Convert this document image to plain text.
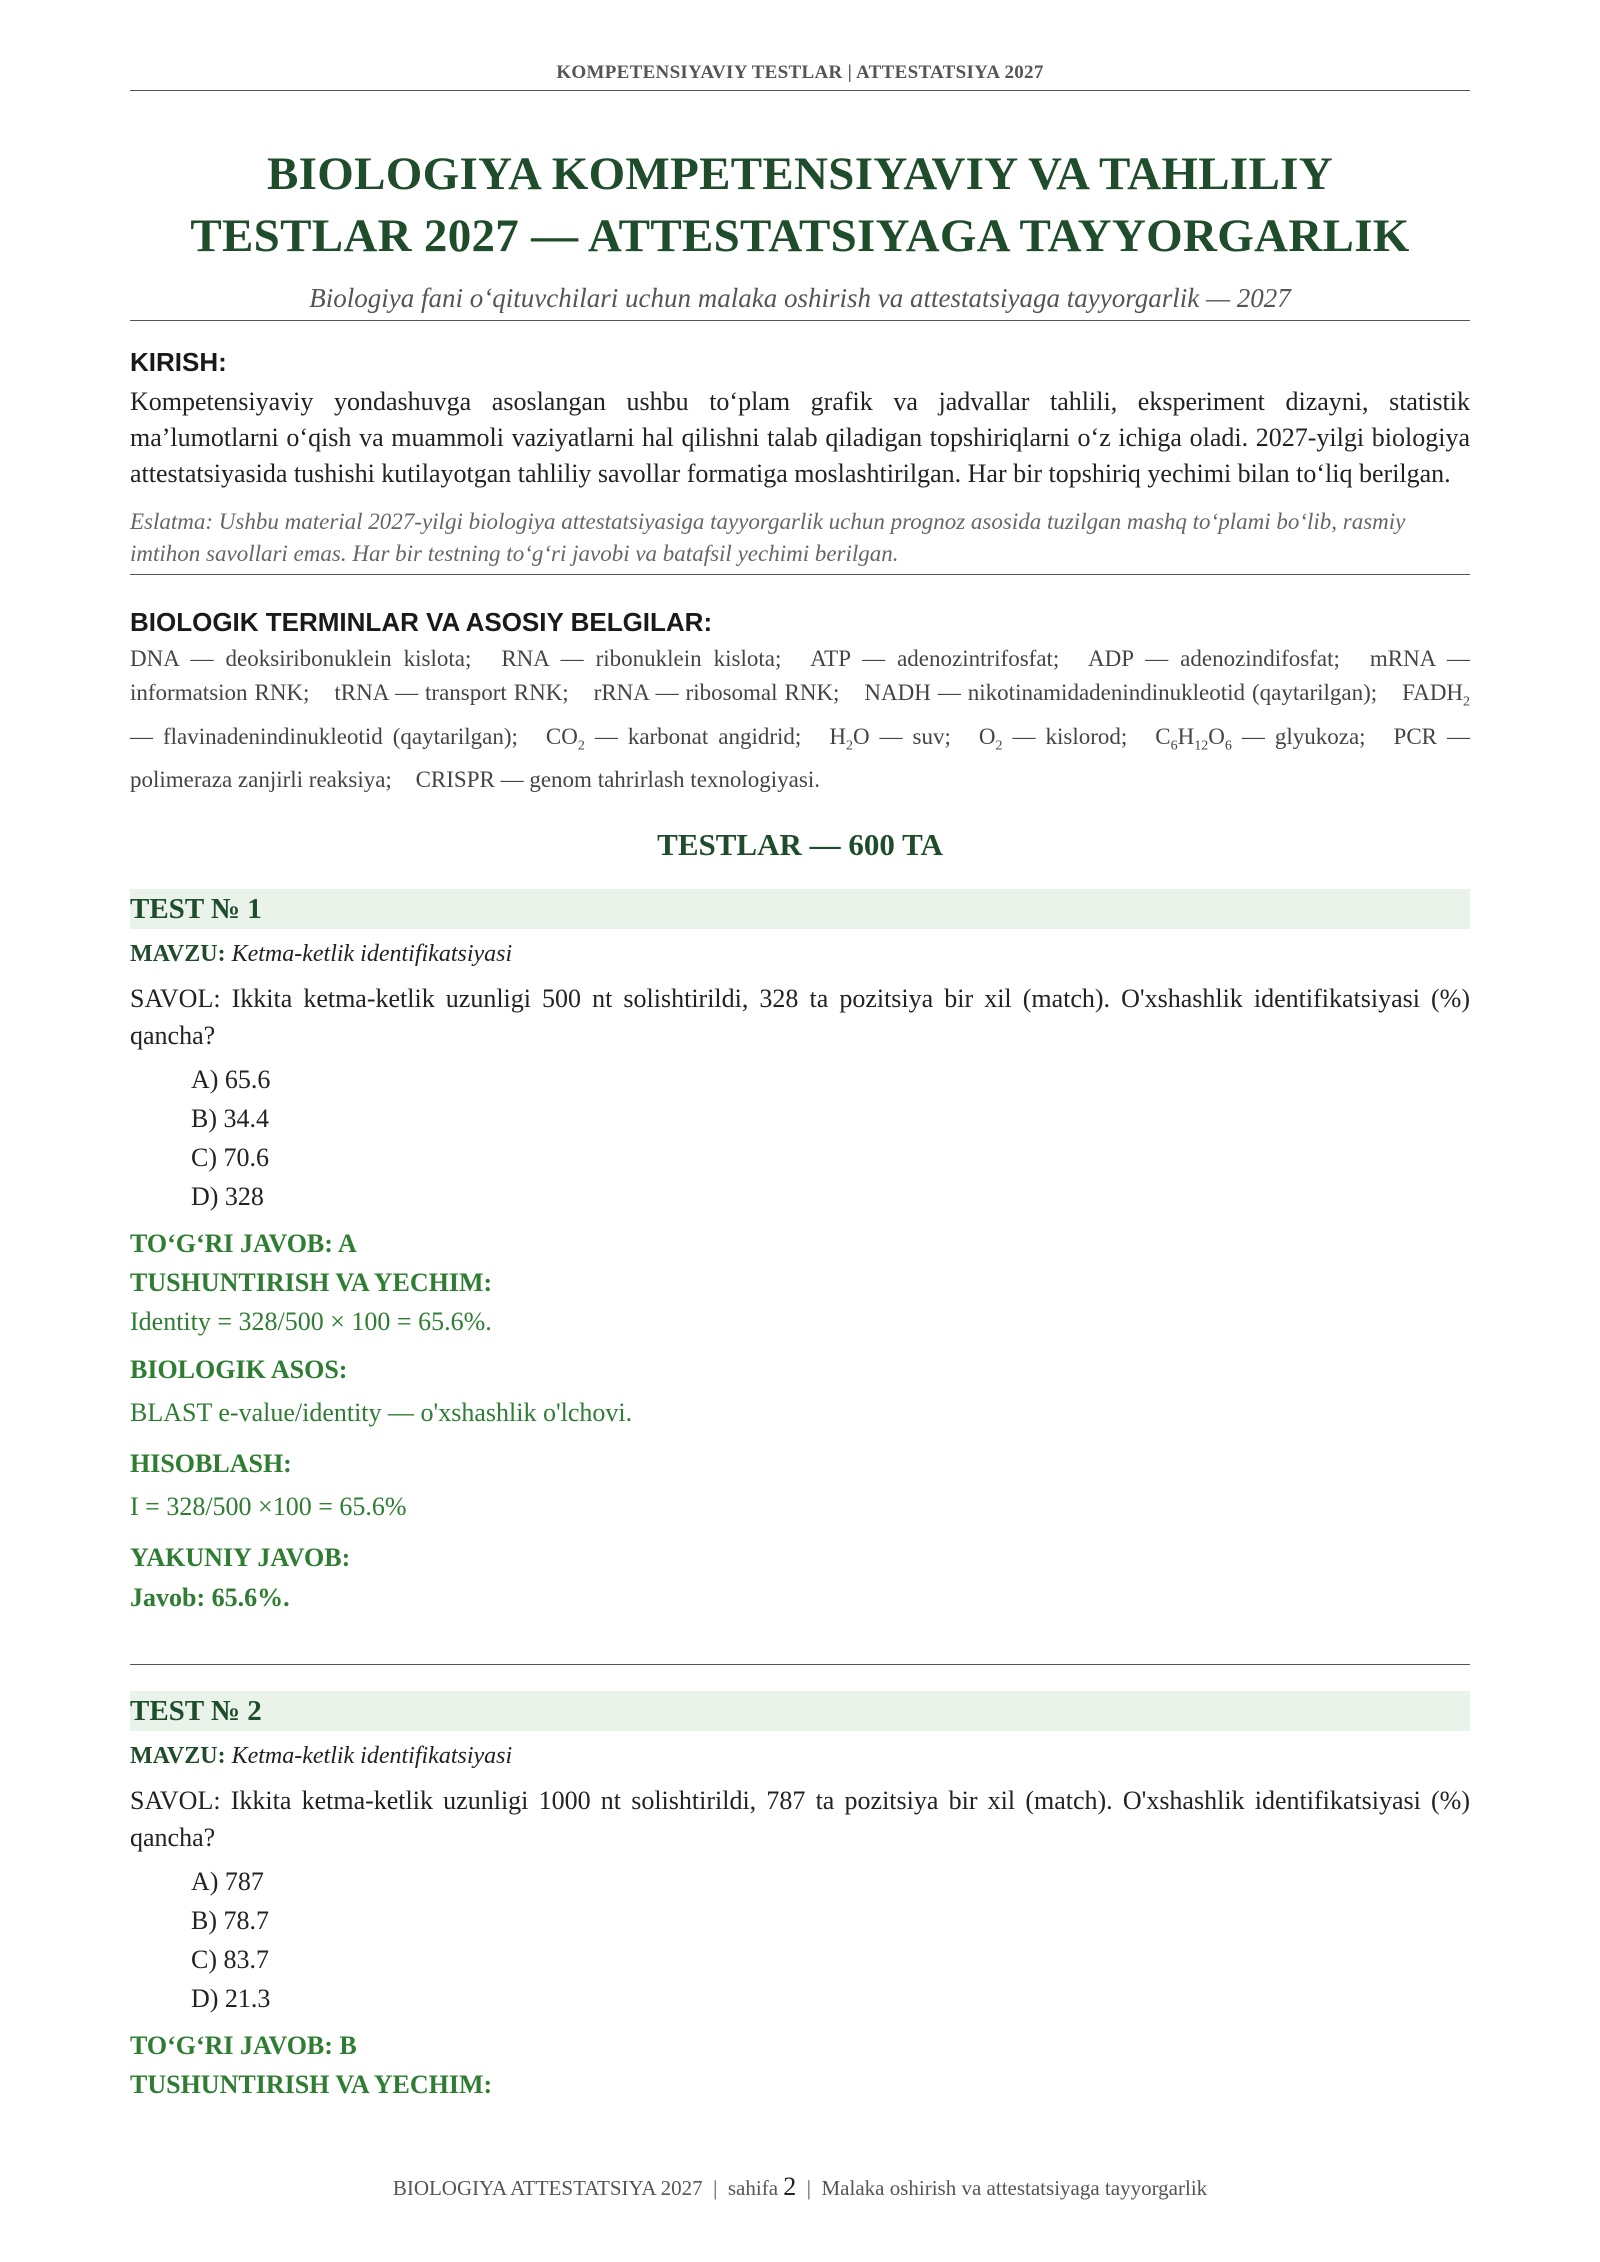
KOMPETENSIYAVIY TESTLAR | ATTESTATSIYA 2027
BIOLOGIYA KOMPETENSIYAVIY VA TAHLILIY
TESTLAR 2027 — ATTESTATSIYAGA TAYYORGARLIK
Biologiya fani o‘qituvchilari uchun malaka oshirish va attestatsiyaga tayyorgarlik — 2027
KIRISH:
Kompetensiyaviy yondashuvga asoslangan ushbu to‘plam grafik va jadvallar tahlili, eksperiment dizayni, statistik ma’lumotlarni o‘qish va muammoli vaziyatlarni hal qilishni talab qiladigan topshiriqlarni o‘z ichiga oladi. 2027-yilgi biologiya attestatsiyasida tushishi kutilayotgan tahliliy savollar formatiga moslashtirilgan. Har bir topshiriq yechimi bilan to‘liq berilgan.
Eslatma: Ushbu material 2027-yilgi biologiya attestatsiyasiga tayyorgarlik uchun prognoz asosida tuzilgan mashq to‘plami bo‘lib, rasmiy imtihon savollari emas. Har bir testning to‘g‘ri javobi va batafsil yechimi berilgan.
BIOLOGIK TERMINLAR VA ASOSIY BELGILAR:
DNA — deoksiribonuklein kislota; RNA — ribonuklein kislota; ATP — adenozintrifosfat; ADP — adenozindifosfat; mRNA — informatsion RNK; tRNA — transport RNK; rRNA — ribosomal RNK; NADH — nikotinamidadenindinukleotid (qaytarilgan); $FADH_2$ — flavinadenindinukleotid (qaytarilgan); $CO_2$ — karbonat angidrid; $H_2O$ — suv; $O_2$ — kislorod; $C_6H_{12}O_6$ — glyukoza; PCR — polimeraza zanjirli reaksiya; CRISPR — genom tahrirlash texnologiyasi.
TESTLAR — 600 TA
TEST № 1
MAVZU: Ketma-ketlik identifikatsiyasi
SAVOL: Ikkita ketma-ketlik uzunligi 500 nt solishtirildi, 328 ta pozitsiya bir xil (match). O'xshashlik identifikatsiyasi (%) qancha?
A) 65.6
B) 34.4
C) 70.6
D) 328
TO‘G‘RI JAVOB: A
TUSHUNTIRISH VA YECHIM:
Identity = 328/500 × 100 = 65.6%.
BIOLOGIK ASOS:
BLAST e-value/identity — o'xshashlik o'lchovi.
HISOBLASH:
I = 328/500 ×100 = 65.6%
YAKUNIY JAVOB:
Javob: 65.6%.
TEST № 2
MAVZU: Ketma-ketlik identifikatsiyasi
SAVOL: Ikkita ketma-ketlik uzunligi 1000 nt solishtirildi, 787 ta pozitsiya bir xil (match). O'xshashlik identifikatsiyasi (%) qancha?
A) 787
B) 78.7
C) 83.7
D) 21.3
TO‘G‘RI JAVOB: B
TUSHUNTIRISH VA YECHIM:
BIOLOGIYA ATTESTATSIYA 2027 | sahifa 2 | Malaka oshirish va attestatsiyaga tayyorgarlik
